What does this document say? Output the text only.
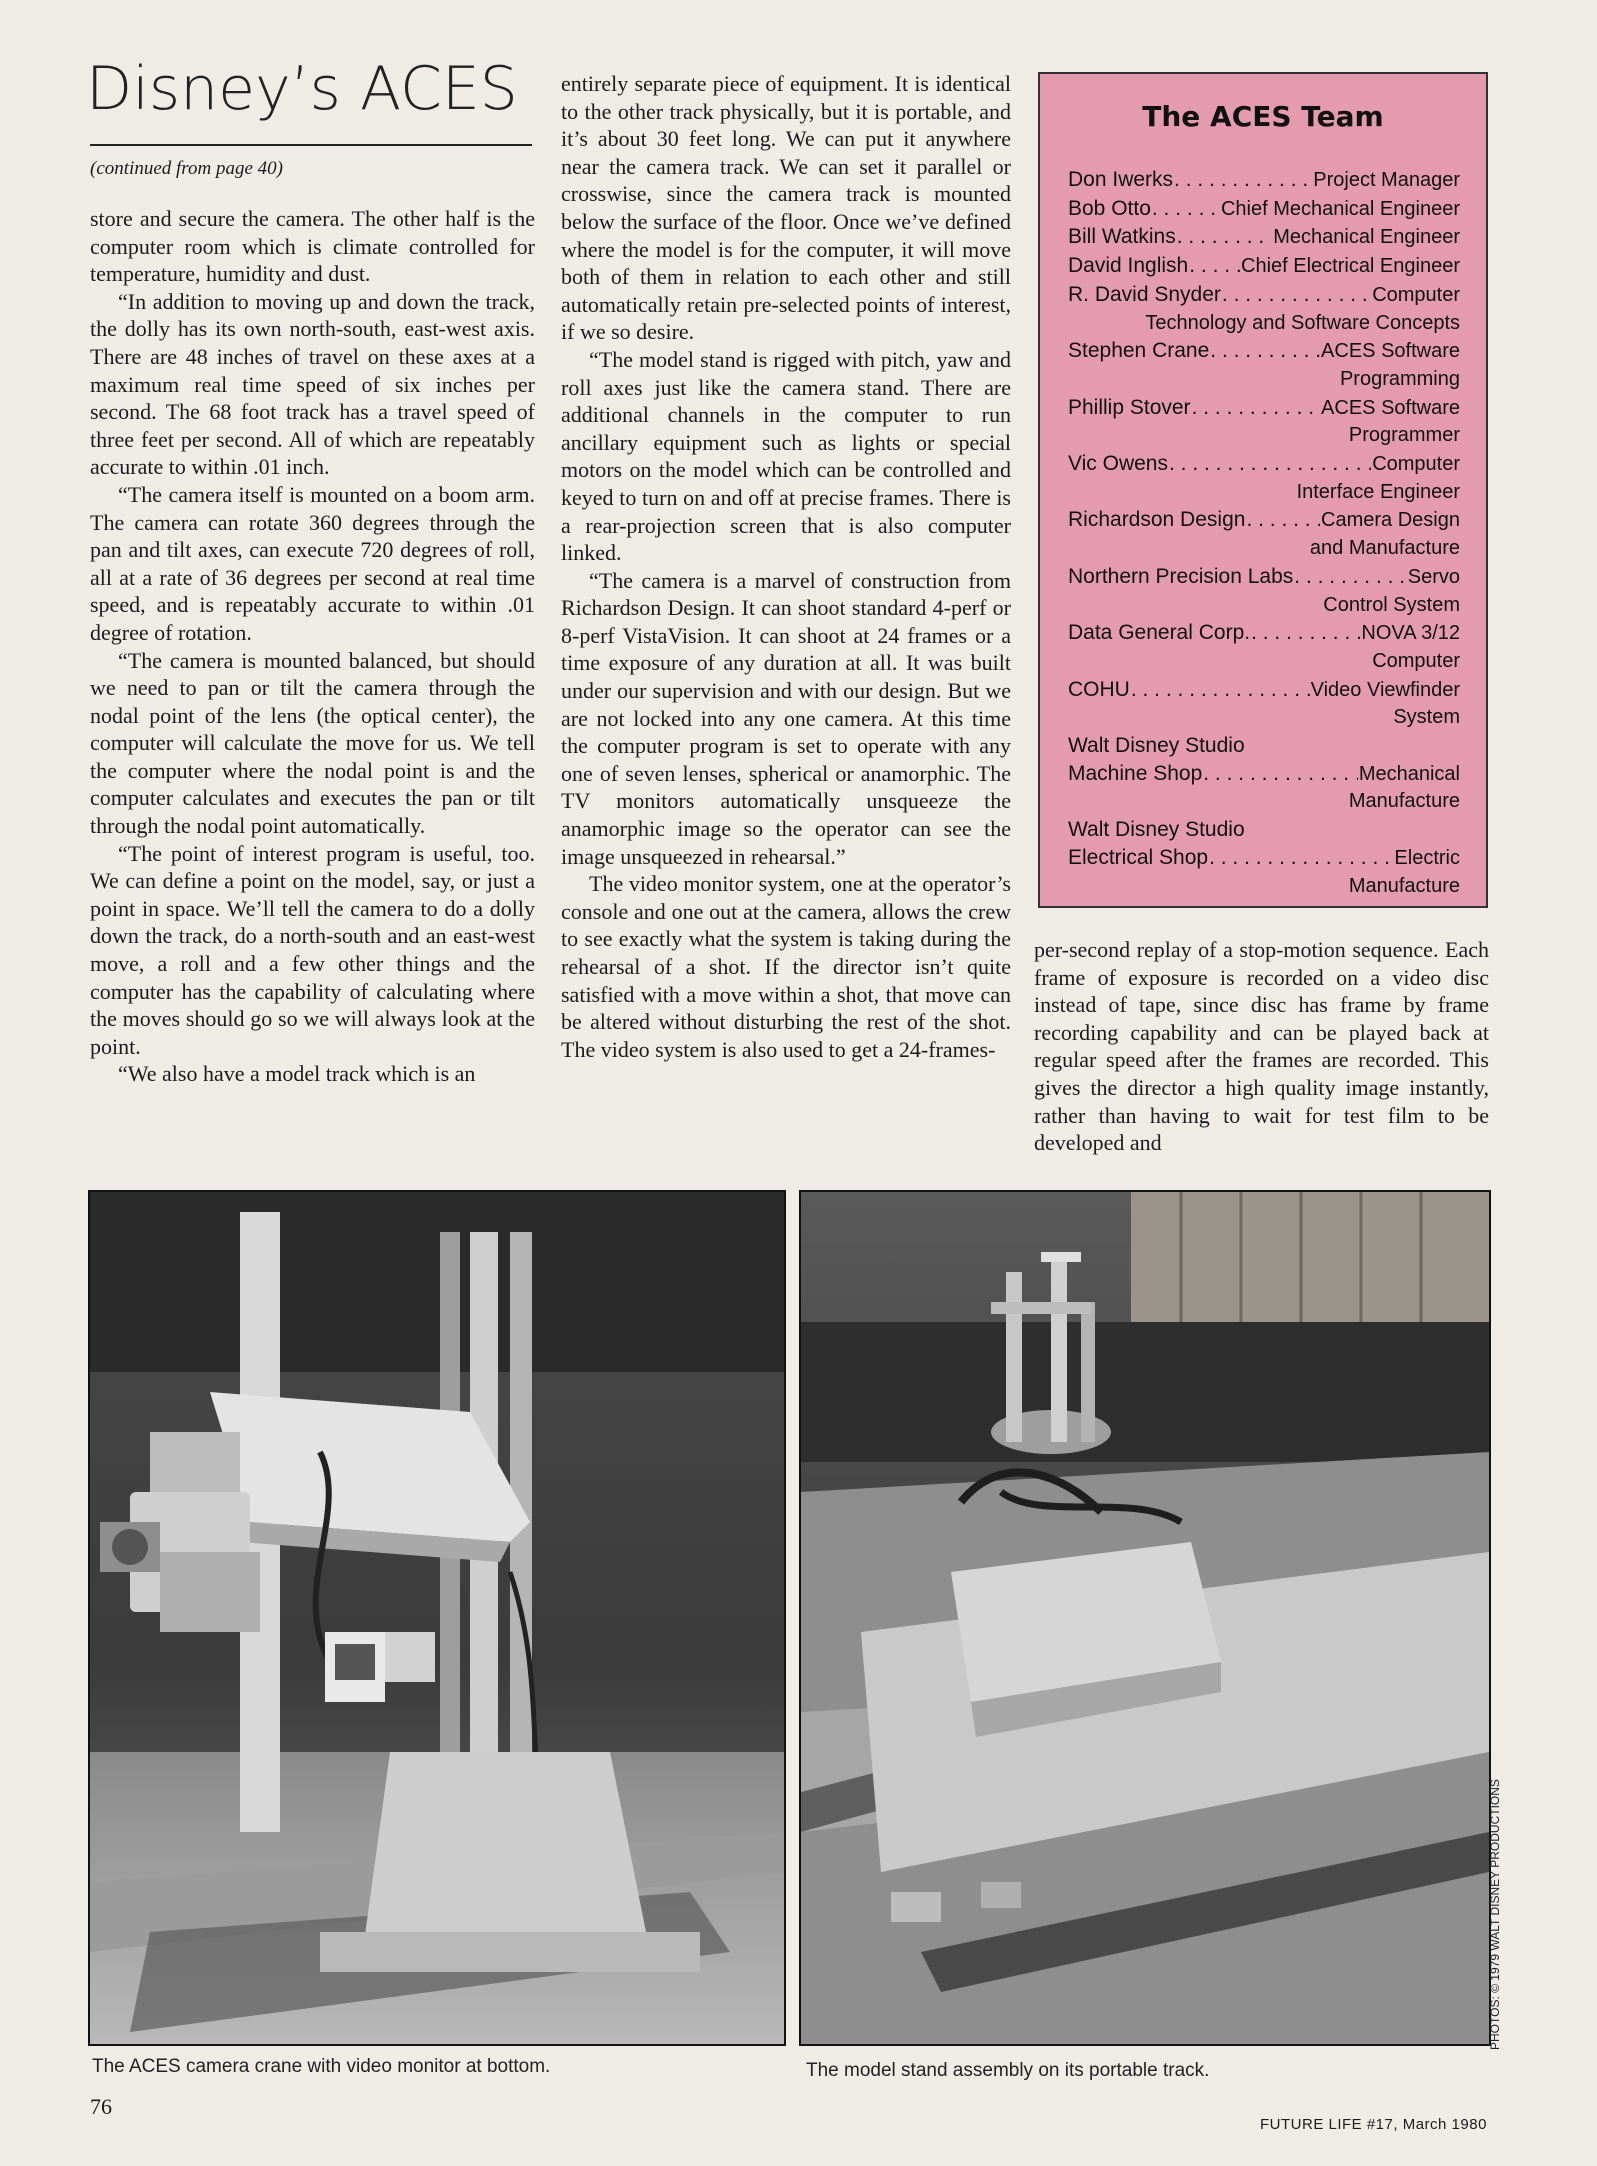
Disney’s ACES
(continued from page 40)

store and secure the camera. The other half is the computer room which is climate controlled for temperature, humidity and dust.

“In addition to moving up and down the track, the dolly has its own north-south, east-west axis. There are 48 inches of travel on these axes at a maximum real time speed of six inches per second. The 68 foot track has a travel speed of three feet per second. All of which are repeatably accurate to within .01 inch.

“The camera itself is mounted on a boom arm. The camera can rotate 360 degrees through the pan and tilt axes, can execute 720 degrees of roll, all at a rate of 36 degrees per second at real time speed, and is repeatably accurate to within .01 degree of rotation.

“The camera is mounted balanced, but should we need to pan or tilt the camera through the nodal point of the lens (the optical center), the computer will calculate the move for us. We tell the computer where the nodal point is and the computer calculates and executes the pan or tilt through the nodal point automatically.

“The point of interest program is useful, too. We can define a point on the model, say, or just a point in space. We’ll tell the camera to do a dolly down the track, do a north-south and an east-west move, a roll and a few other things and the computer has the capability of calculating where the moves should go so we will always look at the point.

“We also have a model track which is an

entirely separate piece of equipment. It is identical to the other track physically, but it is portable, and it’s about 30 feet long. We can put it anywhere near the camera track. We can set it parallel or crosswise, since the camera track is mounted below the surface of the floor. Once we’ve defined where the model is for the computer, it will move both of them in relation to each other and still automatically retain pre-selected points of interest, if we so desire.

“The model stand is rigged with pitch, yaw and roll axes just like the camera stand. There are additional channels in the computer to run ancillary equipment such as lights or special motors on the model which can be controlled and keyed to turn on and off at precise frames. There is a rear-projection screen that is also computer linked.

“The camera is a marvel of construction from Richardson Design. It can shoot standard 4-perf or 8-perf VistaVision. It can shoot at 24 frames or a time exposure of any duration at all. It was built under our supervision and with our design. But we are not locked into any one camera. At this time the computer program is set to operate with any one of seven lenses, spherical or anamorphic. The TV monitors automatically unsqueeze the anamorphic image so the operator can see the image unsqueezed in rehearsal.”

The video monitor system, one at the operator’s console and one out at the camera, allows the crew to see exactly what the system is taking during the rehearsal of a shot. If the director isn’t quite satisfied with a move within a shot, that move can be altered without disturbing the rest of the shot. The video system is also used to get a 24-frames-

The ACES Team
Don Iwerks . . .	Project Manager
Bob Otto . . .	Chief Mechanical Engineer
Bill Watkins . . .	Mechanical Engineer
David Inglish . . .	Chief Electrical Engineer
R. David Snyder . . .	Computer
Technology and Software Concepts
Stephen Crane . . .	ACES Software
Programming
Phillip Stover . . .	ACES Software
Programmer
Vic Owens . . .	Computer
Interface Engineer
Richardson Design . . .	Camera Design
and Manufacture
Northern Precision Labs . . .	Servo
Control System
Data General Corp. . . .	NOVA 3/12
Computer
COHU . . .	Video Viewfinder
System
Walt Disney Studio
Machine Shop . . .	Mechanical
Manufacture
Walt Disney Studio
Electrical Shop . . .	Electric
Manufacture

per-second replay of a stop-motion sequence. Each frame of exposure is recorded on a video disc instead of tape, since disc has frame by frame recording capability and can be played back at regular speed after the frames are recorded. This gives the director a high quality image instantly, rather than having to wait for test film to be developed and

The ACES camera crane with video monitor at bottom.	The model stand assembly on its portable track.
PHOTOS: © 1979 WALT DISNEY PRODUCTIONS
76
FUTURE LIFE #17, March 1980
